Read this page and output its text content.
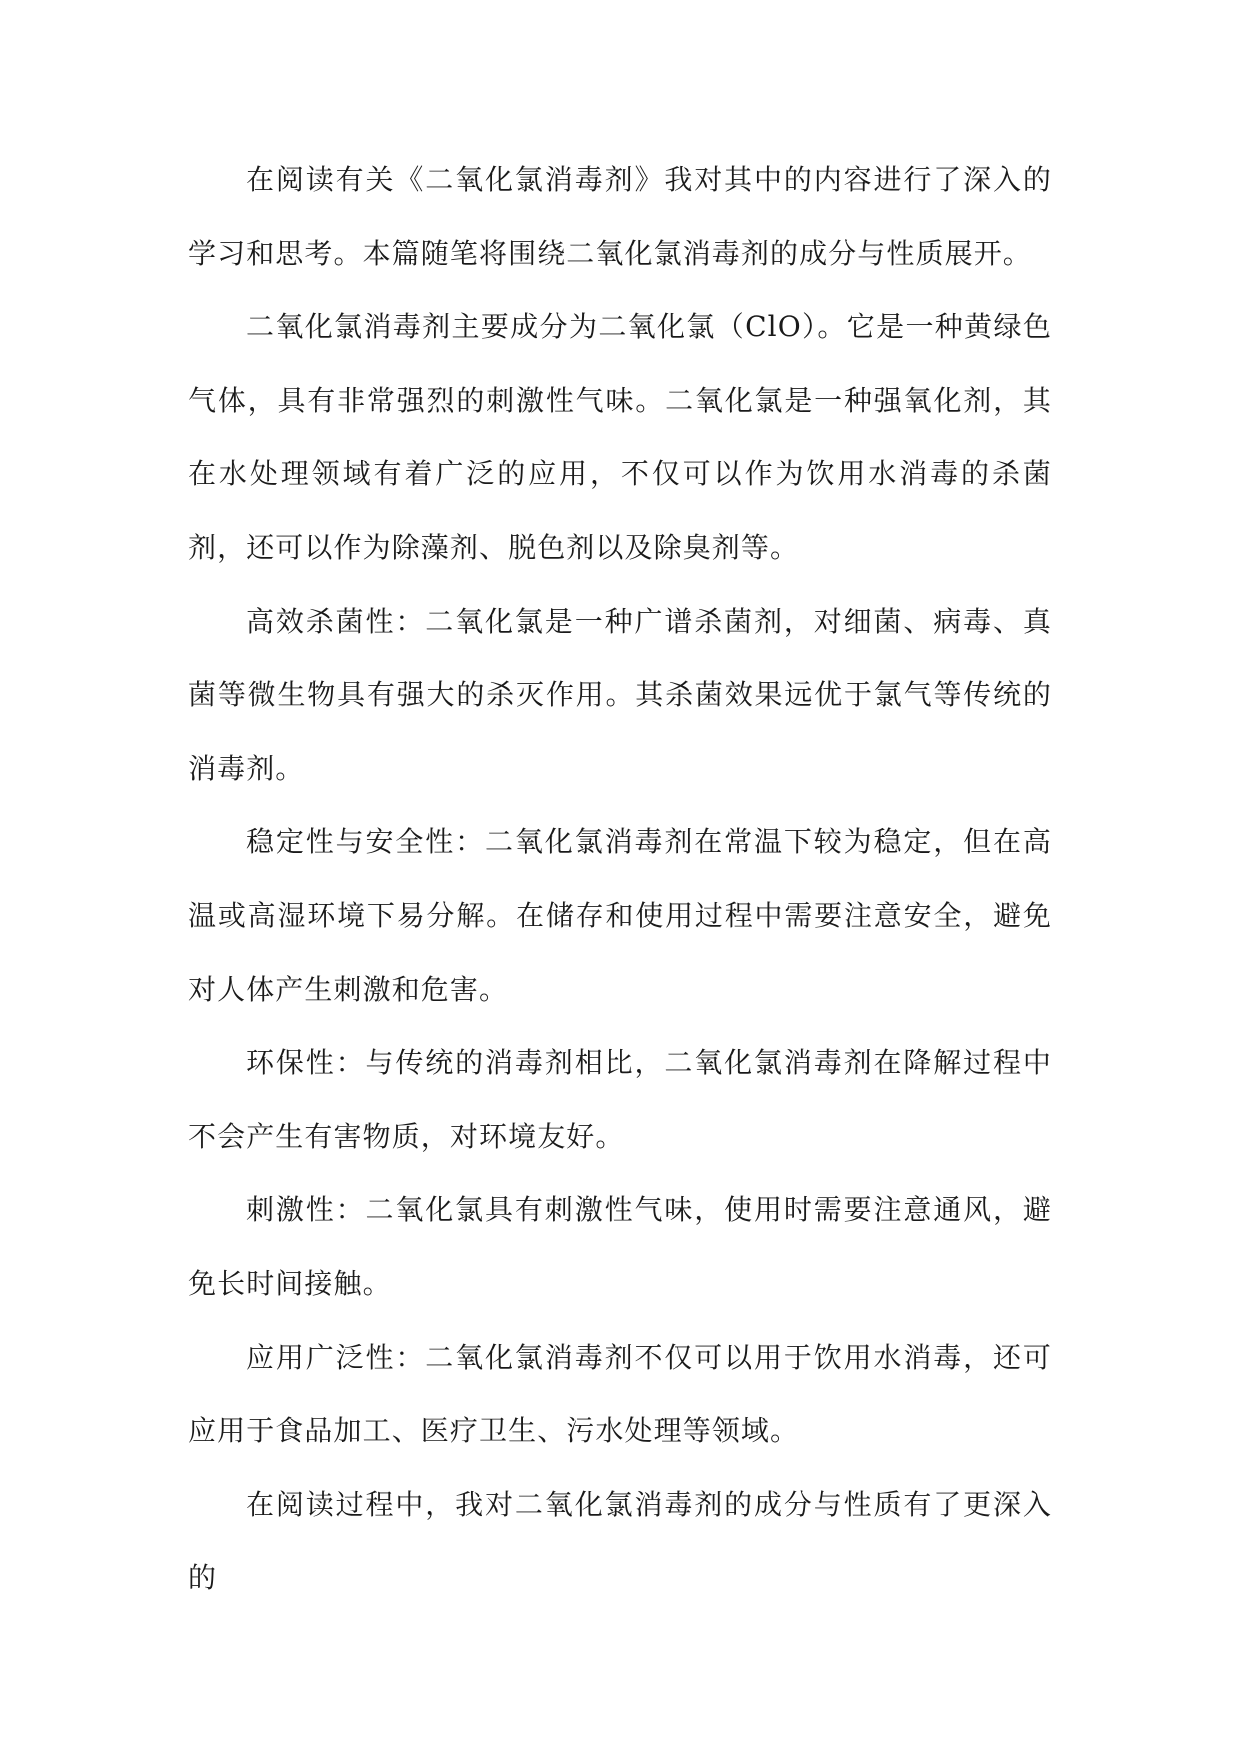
在阅读有关《二氧化氯消毒剂》我对其中的内容进行了深入的学习和思考。本篇随笔将围绕二氧化氯消毒剂的成分与性质展开。

二氧化氯消毒剂主要成分为二氧化氯（ClO）。它是一种黄绿色气体，具有非常强烈的刺激性气味。二氧化氯是一种强氧化剂，其在水处理领域有着广泛的应用，不仅可以作为饮用水消毒的杀菌剂，还可以作为除藻剂、脱色剂以及除臭剂等。

高效杀菌性：二氧化氯是一种广谱杀菌剂，对细菌、病毒、真菌等微生物具有强大的杀灭作用。其杀菌效果远优于氯气等传统的消毒剂。

稳定性与安全性：二氧化氯消毒剂在常温下较为稳定，但在高温或高湿环境下易分解。在储存和使用过程中需要注意安全，避免对人体产生刺激和危害。

环保性：与传统的消毒剂相比，二氧化氯消毒剂在降解过程中不会产生有害物质，对环境友好。

刺激性：二氧化氯具有刺激性气味，使用时需要注意通风，避免长时间接触。

应用广泛性：二氧化氯消毒剂不仅可以用于饮用水消毒，还可应用于食品加工、医疗卫生、污水处理等领域。

在阅读过程中，我对二氧化氯消毒剂的成分与性质有了更深入的
